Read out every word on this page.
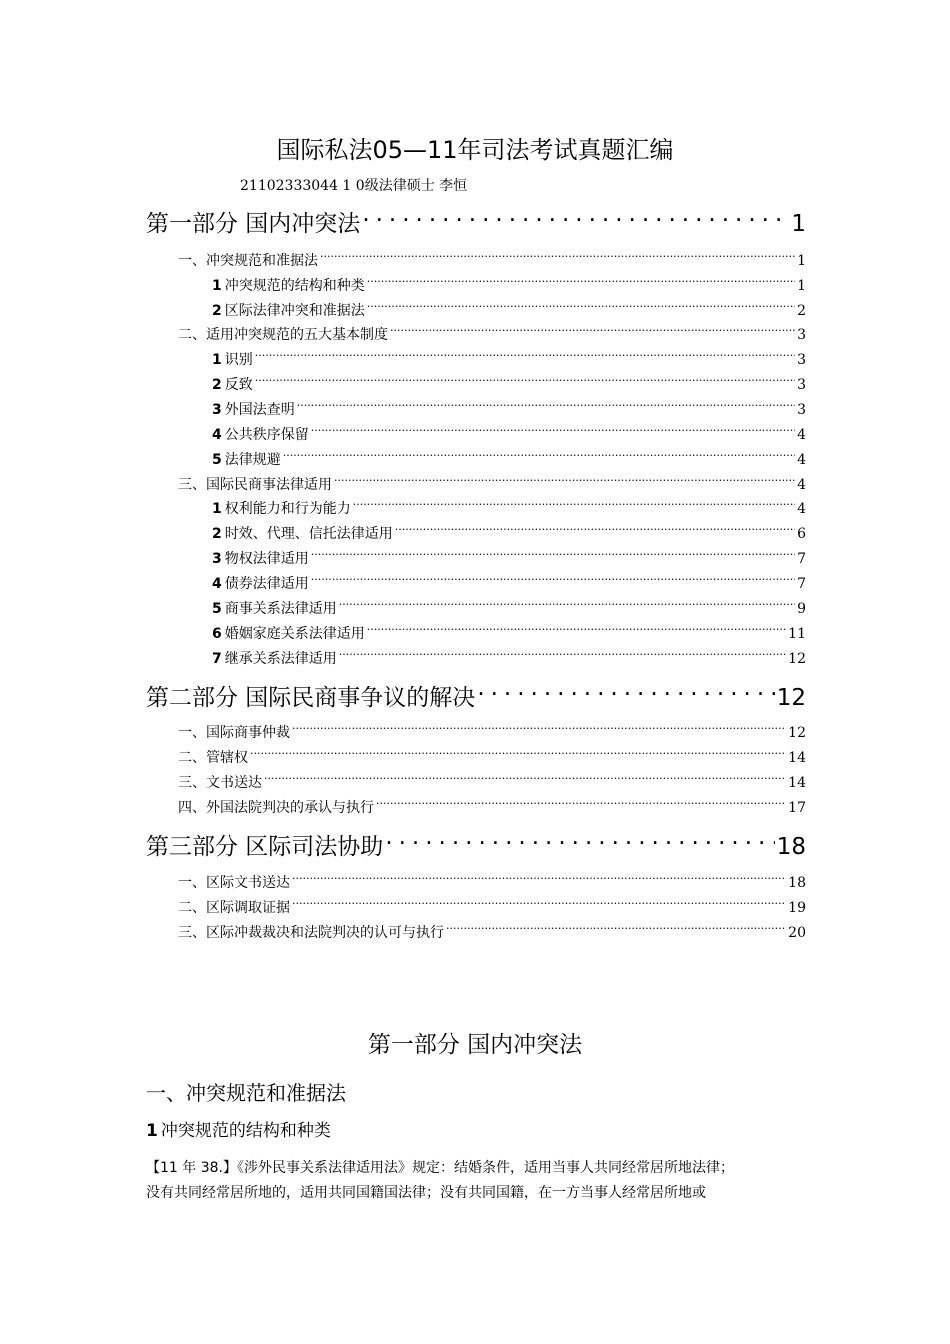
国际私法05—11年司法考试真题汇编
21102333044 1 0级法律硕士 李恒
第一部分 国内冲突法 .....	1
一、冲突规范和准据法 .....	1
1 冲突规范的结构和种类 .....	1
2 区际法律冲突和准据法 .....	2
二、适用冲突规范的五大基本制度 .....	3
1 识别 .....	3
2 反致 .....	3
3 外国法查明 .....	3
4 公共秩序保留 .....	4
5 法律规避 .....	4
三、国际民商事法律适用 .....	4
1 权利能力和行为能力 .....	4
2 时效、代理、信托法律适用 .....	6
3 物权法律适用 .....	7
4 债券法律适用 .....	7
5 商事关系法律适用 .....	9
6 婚姻家庭关系法律适用 .....	11
7 继承关系法律适用 .....	12
第二部分 国际民商事争议的解决 .....	12
一、国际商事仲裁 .....	12
二、管辖权 .....	14
三、文书送达 .....	14
四、外国法院判决的承认与执行 .....	17
第三部分 区际司法协助 .....	18
一、区际文书送达 .....	18
二、区际调取证据 .....	19
三、区际冲裁裁决和法院判决的认可与执行 .....	20
第一部分 国内冲突法
一、冲突规范和准据法
1 冲突规范的结构和种类
【11 年 38.】《涉外民事关系法律适用法》规定：结婚条件，适用当事人共同经常居所地法律；
没有共同经常居所地的，适用共同国籍国法律；没有共同国籍，在一方当事人经常居所地或
